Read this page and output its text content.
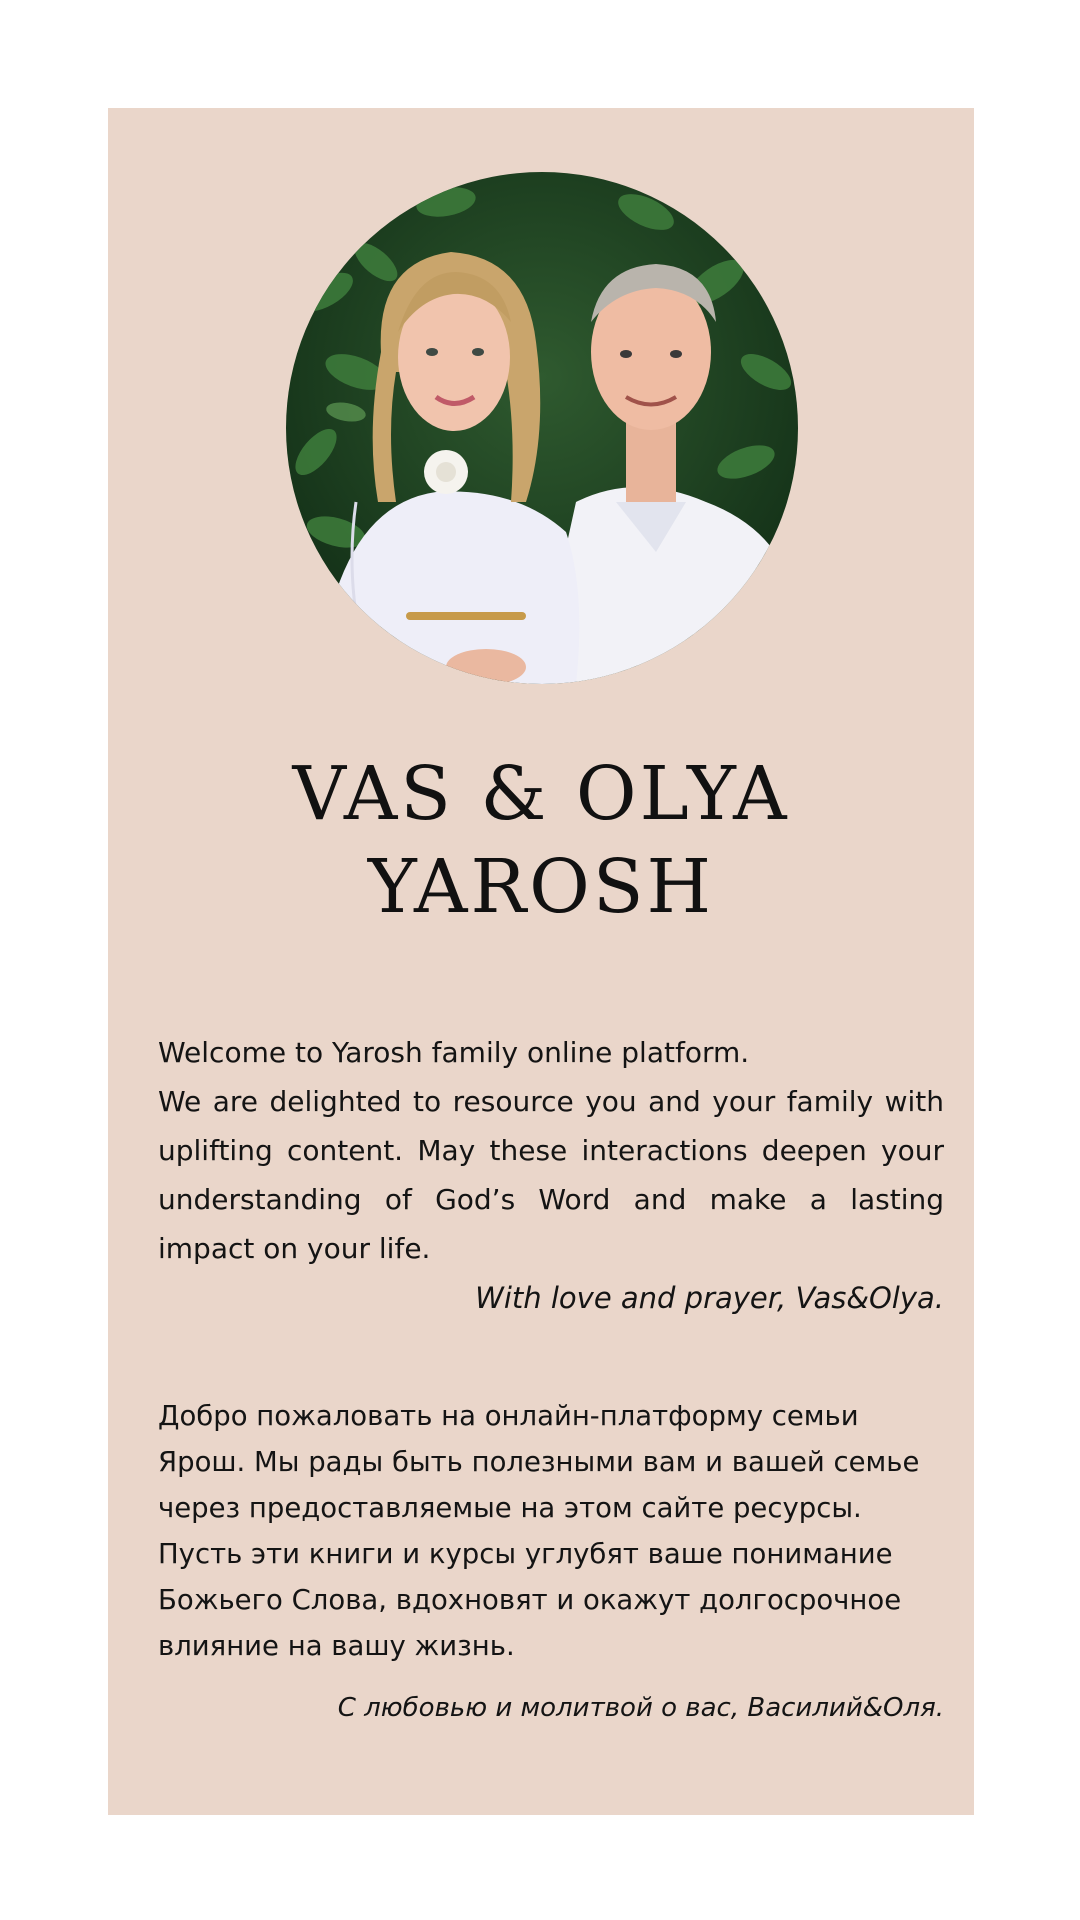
VAS & OLYA
YAROSH

Welcome to Yarosh family online platform.

We are delighted to resource you and your family with uplifting content. May these interactions deepen your understanding of God’s Word and make a lasting impact on your life.

With love and prayer, Vas&Olya.
Добро пожаловать на онлайн-платформу семьи Ярош. Мы рады быть полезными вам и вашей семье через предоставляемые на этом сайте ресурсы. Пусть эти книги и курсы углубят ваше понимание Божьего Слова, вдохновят и окажут долгосрочное влияние на вашу жизнь.
С любовью и молитвой о вас, Василий&Оля.
